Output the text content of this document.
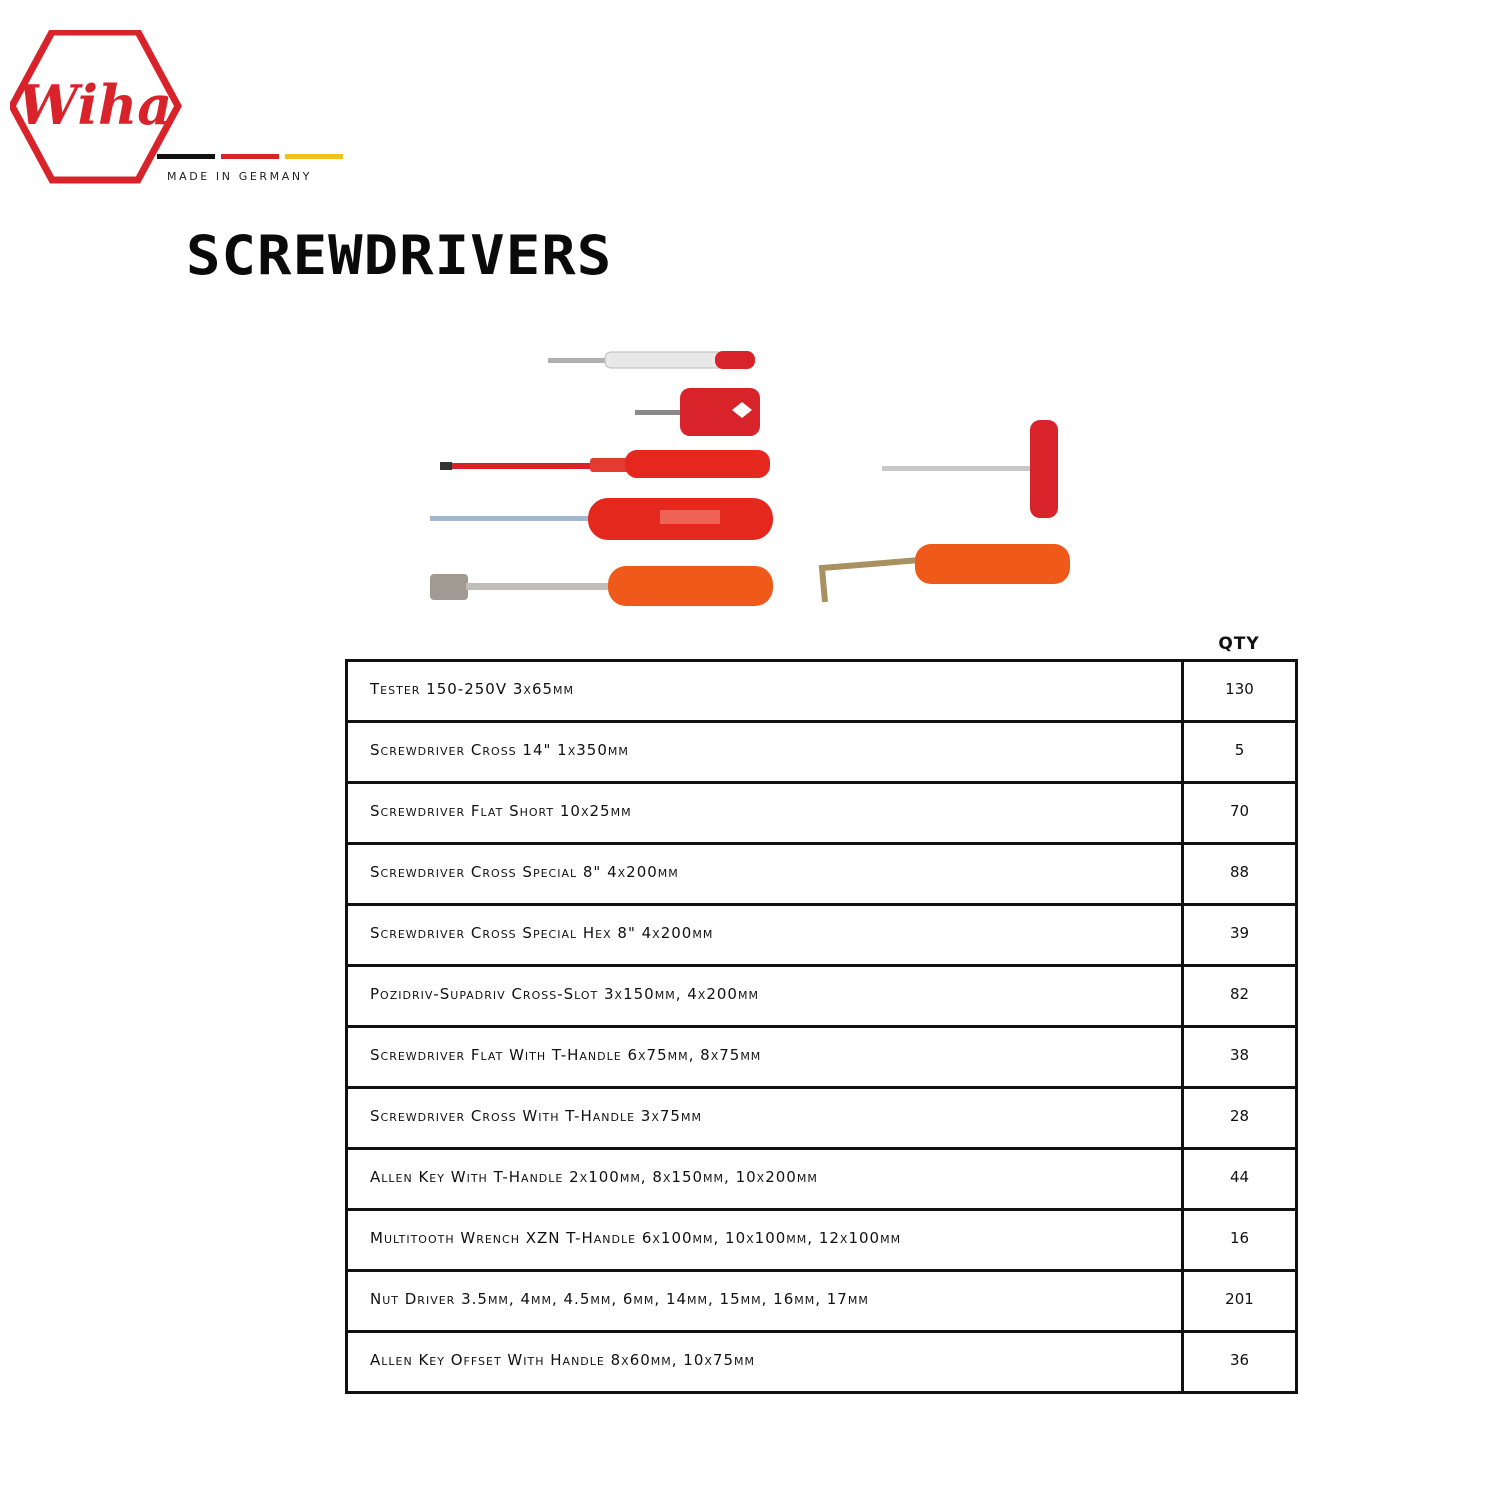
Wiha
MADE IN GERMANY
SCREWDRIVERS
QTY
Tester 150-250V 3x65mm	130
Screwdriver Cross 14" 1x350mm	5
Screwdriver Flat Short 10x25mm	70
Screwdriver Cross Special 8" 4x200mm	88
Screwdriver Cross Special Hex 8" 4x200mm	39
Pozidriv-Supadriv Cross-Slot 3x150mm, 4x200mm	82
Screwdriver Flat With T-Handle 6x75mm, 8x75mm	38
Screwdriver Cross With T-Handle 3x75mm	28
Allen Key With T-Handle 2x100mm, 8x150mm, 10x200mm	44
Multitooth Wrench XZN T-Handle 6x100mm, 10x100mm, 12x100mm	16
Nut Driver 3.5mm, 4mm, 4.5mm, 6mm, 14mm, 15mm, 16mm, 17mm	201
Allen Key Offset With Handle 8x60mm, 10x75mm	36
